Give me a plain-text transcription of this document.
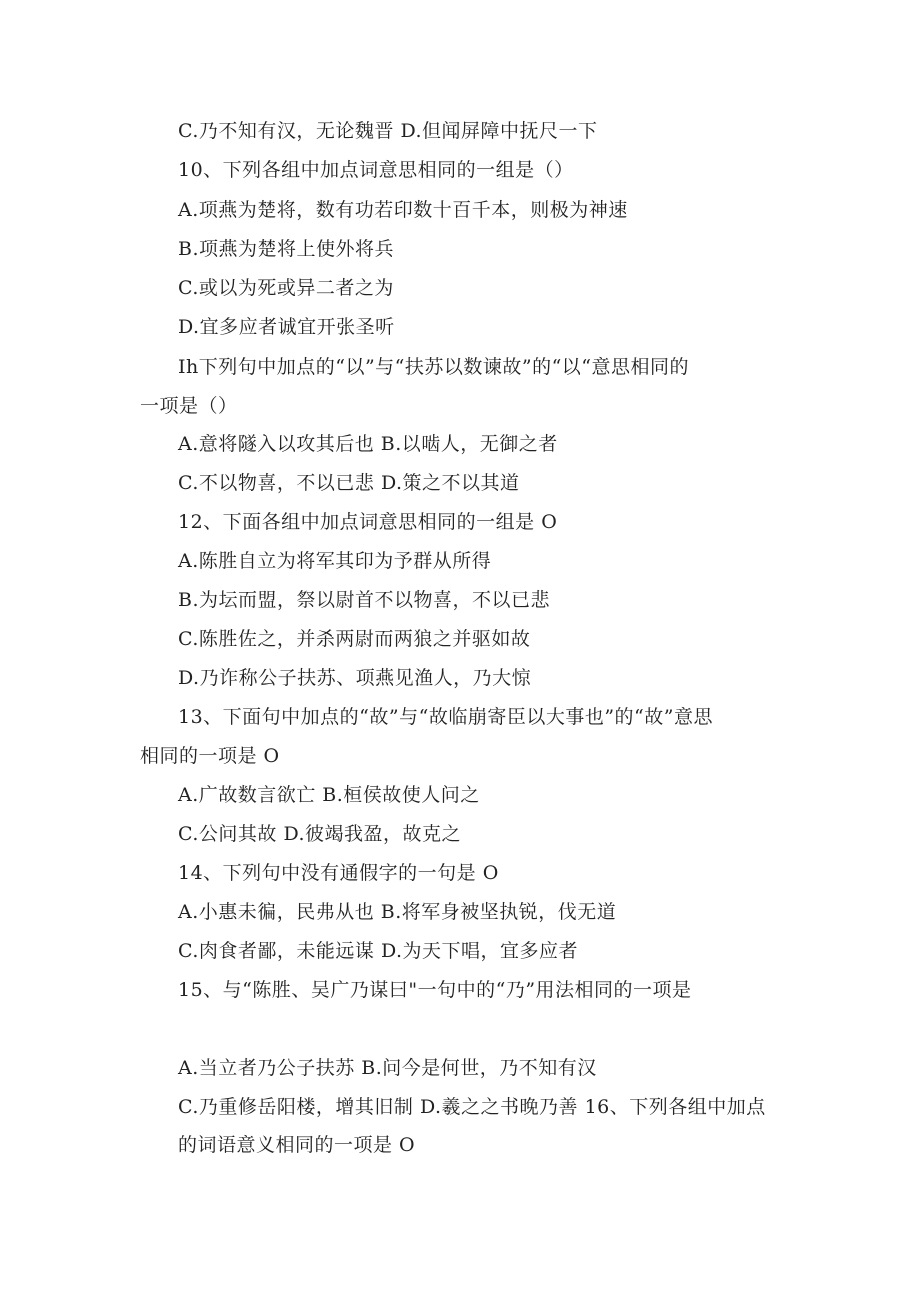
C.乃不知有汉，无论魏晋 D.但闻屏障中抚尺一下
10、下列各组中加点词意思相同的一组是（）
A.项燕为楚将，数有功若印数十百千本，则极为神速
B.项燕为楚将上使外将兵
C.或以为死或异二者之为
D.宜多应者诚宜开张圣听
Ih下列句中加点的“以”与“扶苏以数谏故”的“以“意思相同的
一项是（）
A.意将隧入以攻其后也 B.以啮人，无御之者
C.不以物喜，不以已悲 D.策之不以其道
12、下面各组中加点词意思相同的一组是 O
A.陈胜自立为将军其印为予群从所得
B.为坛而盟，祭以尉首不以物喜，不以已悲
C.陈胜佐之，并杀两尉而两狼之并驱如故
D.乃诈称公子扶苏、项燕见渔人，乃大惊
13、下面句中加点的“故”与“故临崩寄臣以大事也”的“故”意思
相同的一项是 O
A.广故数言欲亡 B.桓侯故使人问之
C.公问其故 D.彼竭我盈，故克之
14、下列句中没有通假字的一句是 O
A.小惠未徧，民弗从也 B.将军身被坚执锐，伐无道
C.肉食者鄙，未能远谋 D.为天下唱，宜多应者
15、与“陈胜、吴广乃谋曰"一句中的“乃”用法相同的一项是
A.当立者乃公子扶苏 B.问今是何世，乃不知有汉
C.乃重修岳阳楼，增其旧制 D.羲之之书晚乃善 16、下列各组中加点
的词语意义相同的一项是 O
